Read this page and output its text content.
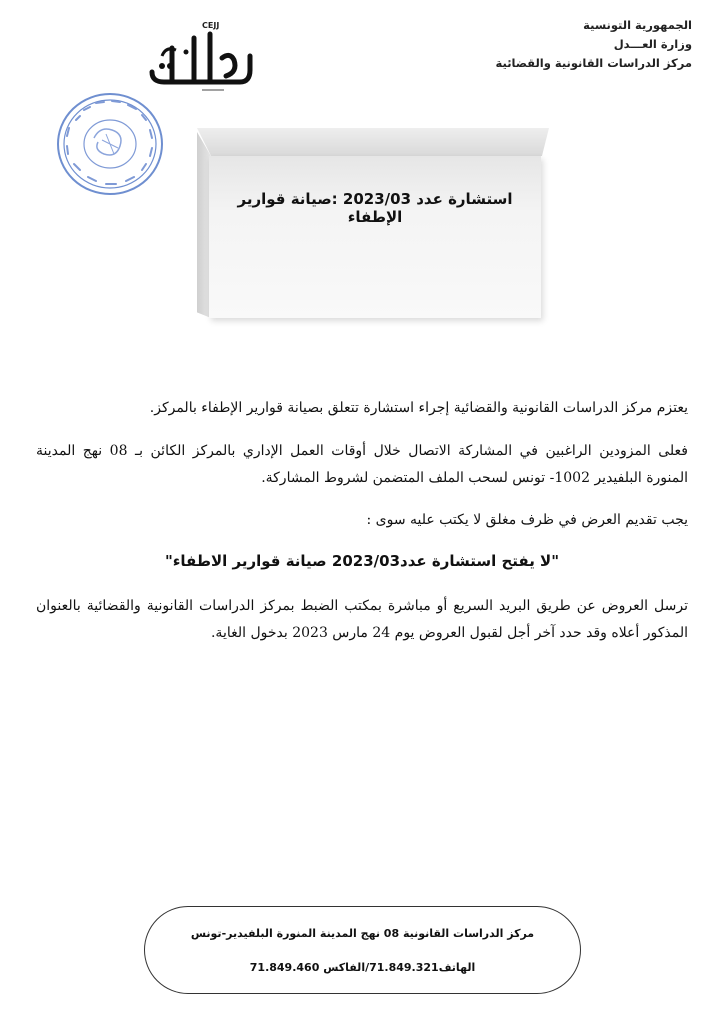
الجمهورية التونسية
وزارة العـــدل
مركز الدراسات القانونية والقضائية
CEJJ
استشارة عدد 2023/03 :صيانة قوارير الإطفاء
يعتزم مركز الدراسات القانونية والقضائية إجراء استشارة تتعلق بصيانة قوارير الإطفاء بالمركز.
فعلى المزودين الراغبين في المشاركة الاتصال خلال أوقات العمل الإداري بالمركز الكائن بـ 08 نهج المدينة المنورة البلفيدير 1002- تونس لسحب الملف المتضمن لشروط المشاركة.
يجب تقديم العرض في ظرف مغلق لا يكتب عليه سوى :
"لا يفتح استشارة عدد2023/03 صيانة قوارير الاطفاء"
ترسل العروض عن طريق البريد السريع أو مباشرة بمكتب الضبط بمركز الدراسات القانونية والقضائية بالعنوان المذكور أعلاه وقد حدد آخر أجل لقبول العروض يوم 24 مارس 2023 بدخول الغاية.
مركز الدراسات القانونية 08 نهج المدينة المنورة البلفيدير-تونس
الهاتف71.849.321/الفاكس 71.849.460
